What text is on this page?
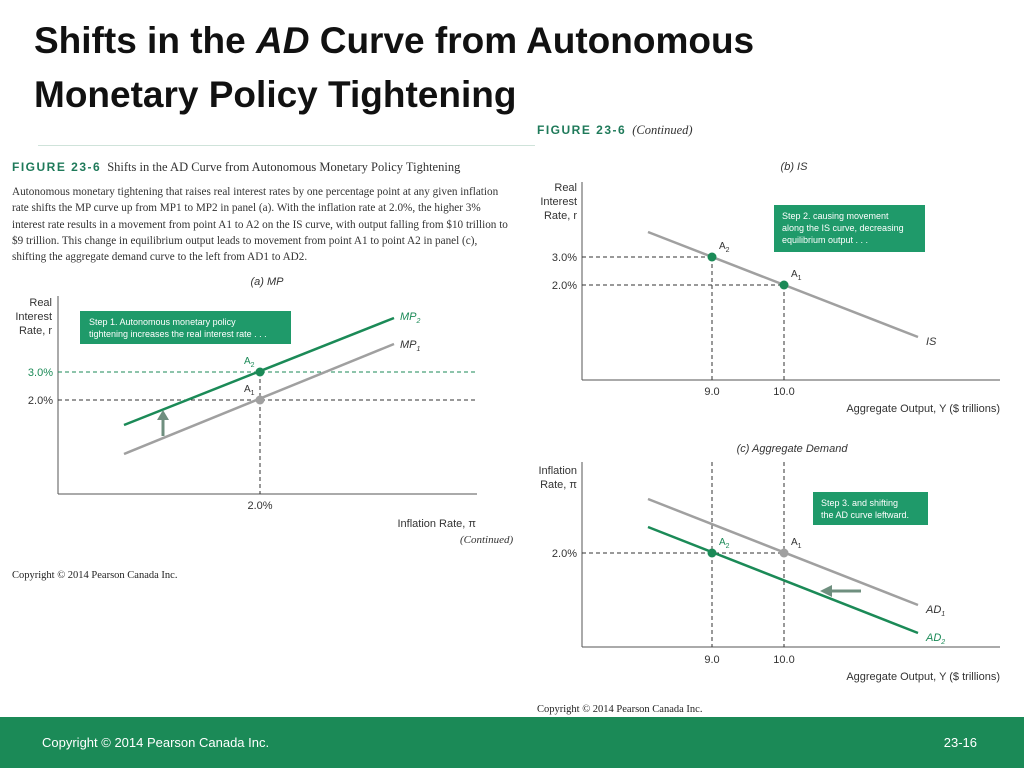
Shifts in the AD Curve from Autonomous Monetary Policy Tightening
FIGURE 23-6 Shifts in the AD Curve from Autonomous Monetary Policy Tightening
Autonomous monetary tightening that raises real interest rates by one percentage point at any given inflation rate shifts the MP curve up from MP1 to MP2 in panel (a). With the inflation rate at 2.0%, the higher 3% interest rate results in a movement from point A1 to A2 on the IS curve, with output falling from $10 trillion to $9 trillion. This change in equilibrium output leads to movement from point A1 to point A2 in panel (c), shifting the aggregate demand curve to the left from AD1 to AD2.
FIGURE 23-6 (Continued)
(a) MP
Real
Interest
Rate, r
$A_2$
$A_1$
3.0%
2.0%
2.0%
Inflation Rate, π
$MP_2$
$MP_1$
Step 1. Autonomous monetary policy
tightening increases the real interest rate . . .
(Continued)
Copyright © 2014 Pearson Canada Inc.
(b) IS
Real
Interest
Rate, r
$A_2$
$A_1$
3.0%
2.0%
9.0	10.0
Aggregate Output, Y ($ trillions)
IS
Step 2. causing movement
along the IS curve, decreasing
equilibrium output . . .
(c) Aggregate Demand
Inflation
Rate, π
$A_2$	$A_1$
2.0%
9.0	10.0
Aggregate Output, Y ($ trillions)
$AD_1$
$AD_2$
Step 3. and shifting
the AD curve leftward.
Copyright © 2014 Pearson Canada Inc.
Copyright © 2014 Pearson Canada Inc.	23-16
